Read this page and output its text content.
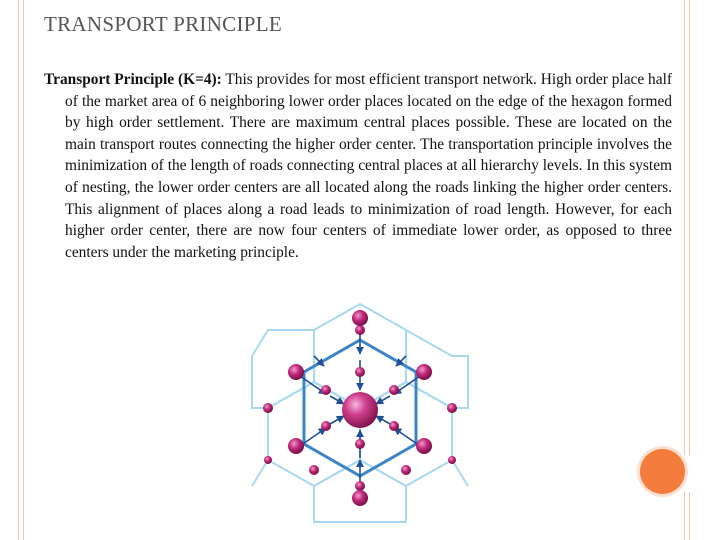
TRANSPORT PRINCIPLE
Transport Principle (K=4): This provides for most efficient transport network. High order place half of the market area of 6 neighboring lower order places located on the edge of the hexagon formed by high order settlement. There are maximum central places possible. These are located on the main transport routes connecting the higher order center. The transportation principle involves the minimization of the length of roads connecting central places at all hierarchy levels. In this system of nesting, the lower order centers are all located along the roads linking the higher order centers. This alignment of places along a road leads to minimization of road length. However, for each higher order center, there are now four centers of immediate lower order, as opposed to three centers under the marketing principle.
